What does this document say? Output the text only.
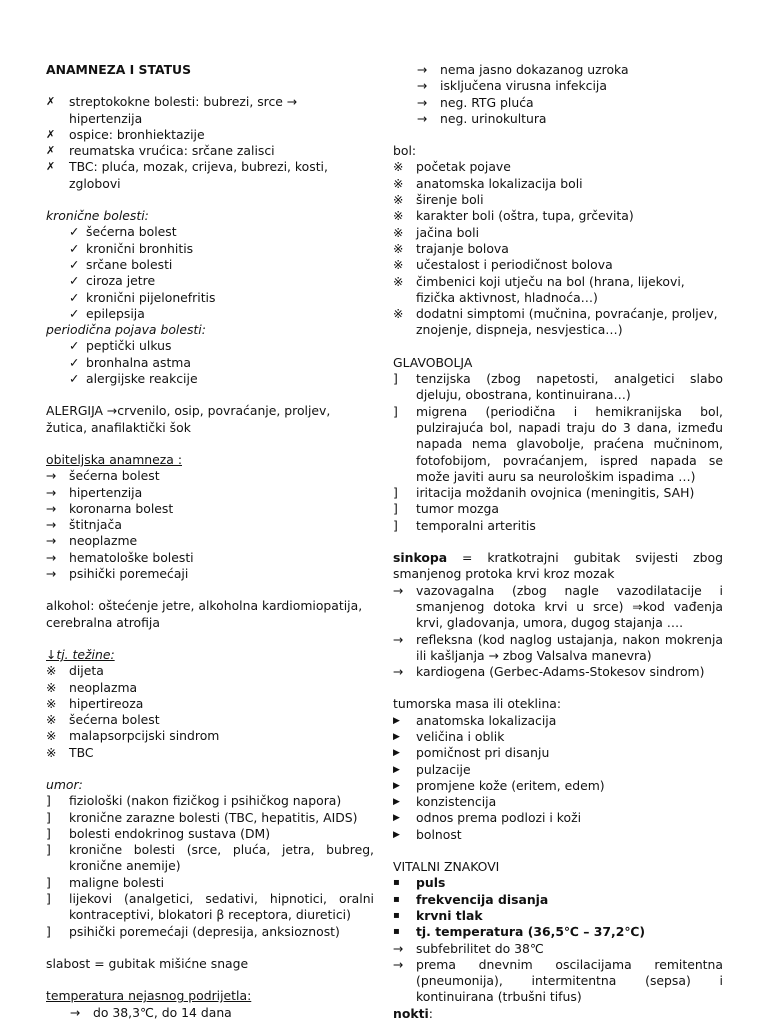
ANAMNEZA I STATUS
✗	streptokokne bolesti: bubrezi, srce → hipertenzija
✗	ospice: bronhiektazije
✗	reumatska vrućica: srčane zalisci
✗	TBC: pluća, mozak, crijeva, bubrezi, kosti, zglobovi
kronične bolesti:
✓ šećerna bolest
✓ kronični bronhitis
✓ srčane bolesti
✓ ciroza jetre
✓ kronični pijelonefritis
✓ epilepsija
periodična pojava bolesti:
✓ peptički ulkus
✓ bronhalna astma
✓ alergijske reakcije
ALERGIJA →crvenilo, osip, povraćanje, proljev, žutica, anafilaktički šok
obiteljska anamneza :
→	šećerna bolest
→	hipertenzija
→	koronarna bolest
→	štitnjača
→	neoplazme
→	hematološke bolesti
→	psihički poremećaji
alkohol: oštećenje jetre, alkoholna kardiomiopatija, cerebralna atrofija
↓tj. težine:
※	dijeta
※	neoplazma
※	hipertireoza
※	šećerna bolest
※	malapsorpcijski sindrom
※	TBC
umor:
]	fiziološki (nakon fizičkog i psihičkog napora)
]	kronične zarazne bolesti (TBC, hepatitis, AIDS)
]	bolesti endokrinog sustava (DM)
]	kronične bolesti (srce, pluća, jetra, bubreg, kronične anemije)
]	maligne bolesti
]	lijekovi (analgetici, sedativi, hipnotici, oralni kontraceptivi, blokatori β receptora, diuretici)
]	psihički poremećaji (depresija, anksioznost)
slabost = gubitak mišićne snage
temperatura nejasnog podrijetla:
→	do 38,3℃, do 14 dana
→	nema jasno dokazanog uzroka
→	isključena virusna infekcija
→	neg. RTG pluća
→	neg. urinokultura
bol:
※	početak pojave
※	anatomska lokalizacija boli
※	širenje boli
※	karakter boli (oštra, tupa, grčevita)
※	jačina boli
※	trajanje bolova
※	učestalost i periodičnost bolova
※	čimbenici koji utječu na bol (hrana, lijekovi, fizička aktivnost, hladnoća…)
※	dodatni simptomi (mučnina, povraćanje, proljev, znojenje, dispneja, nesvjestica…)
GLAVOBOLJA
]	tenzijska (zbog napetosti, analgetici slabo djeluju, obostrana, kontinuirana…)
]	migrena (periodična i hemikranijska bol, pulzirajuća bol, napadi traju do 3 dana, između napada nema glavobolje, praćena mučninom, fotofobijom, povraćanjem, ispred napada se može javiti auru sa neurološkim ispadima …)
]	iritacija moždanih ovojnica (meningitis, SAH)
]	tumor mozga
]	temporalni arteritis
sinkopa = kratkotrajni gubitak svijesti zbog smanjenog protoka krvi kroz mozak
→	vazovagalna (zbog nagle vazodilatacije i smanjenog dotoka krvi u srce) ⇒kod vađenja krvi, gladovanja, umora, dugog stajanja ….
→	refleksna (kod naglog ustajanja, nakon mokrenja ili kašljanja → zbog Valsalva manevra)
→	kardiogena (Gerbec-Adams-Stokesov sindrom)
tumorska masa ili oteklina:
▶	anatomska lokalizacija
▶	veličina i oblik
▶	pomičnost pri disanju
▶	pulzacije
▶	promjene kože (eritem, edem)
▶	konzistencija
▶	odnos prema podlozi i koži
▶	bolnost
VITALNI ZNAKOVI
▪	puls
▪	frekvencija disanja
▪	krvni tlak
▪	tj. temperatura (36,5℃ – 37,2℃)
→	subfebrilitet do 38℃
→	prema dnevnim oscilacijama remitentna (pneumonija), intermitentna (sepsa) i kontinuirana (trbušni tifus)
nokti:
